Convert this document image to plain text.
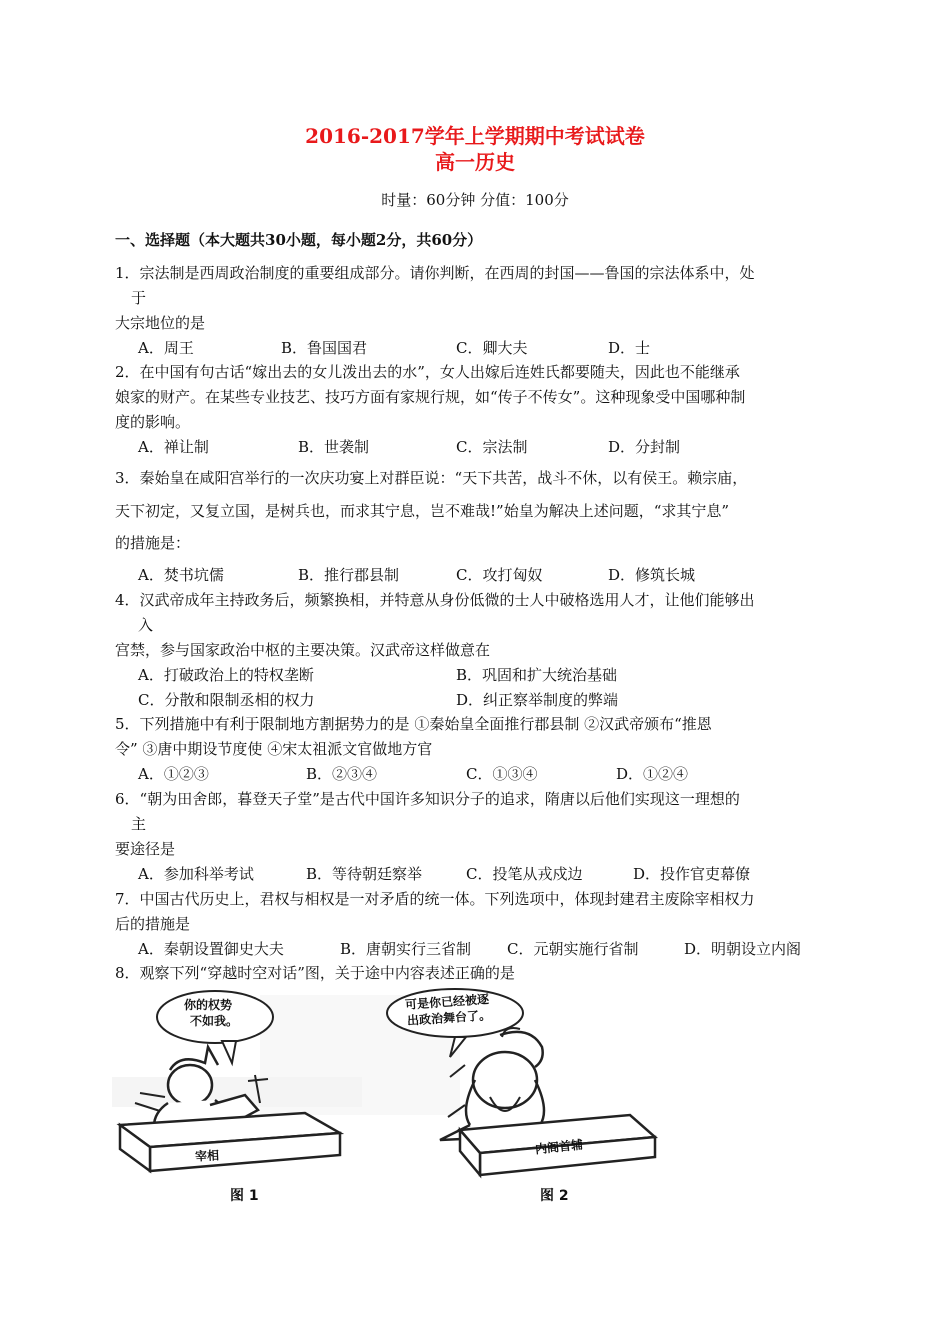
2016-2017学年上学期期中考试试卷
高一历史
时量：60分钟 分值：100分
一、选择题（本大题共30小题，每小题2分，共60分）
1．宗法制是西周政治制度的重要组成部分。请你判断，在西周的封国——鲁国的宗法体系中，处
于
大宗地位的是
A．周王	B．鲁国国君	C．卿大夫	D．士
2．在中国有句古话“嫁出去的女儿泼出去的水”，女人出嫁后连姓氏都要随夫，因此也不能继承
娘家的财产。在某些专业技艺、技巧方面有家规行规，如“传子不传女”。这种现象受中国哪种制
度的影响。
A．禅让制	B．世袭制	C．宗法制	D．分封制
3．秦始皇在咸阳宫举行的一次庆功宴上对群臣说：“天下共苦，战斗不休，以有侯王。赖宗庙，
天下初定，又复立国，是树兵也，而求其宁息，岂不难哉!”始皇为解决上述问题，“求其宁息”
的措施是：
A．焚书坑儒	B．推行郡县制	C．攻打匈奴	D．修筑长城
4．汉武帝成年主持政务后，频繁换相，并特意从身份低微的士人中破格选用人才，让他们能够出
入
宫禁，参与国家政治中枢的主要决策。汉武帝这样做意在
A．打破政治上的特权垄断	B．巩固和扩大统治基础
C．分散和限制丞相的权力	D．纠正察举制度的弊端
5．下列措施中有利于限制地方割据势力的是 ①秦始皇全面推行郡县制 ②汉武帝颁布“推恩
令” ③唐中期设节度使 ④宋太祖派文官做地方官
A．①②③	B．②③④	C．①③④	D．①②④
6．“朝为田舍郎，暮登天子堂”是古代中国许多知识分子的追求，隋唐以后他们实现这一理想的
主
要途径是
A．参加科举考试	B．等待朝廷察举	C．投笔从戎戍边	D．投作官吏幕僚
7．中国古代历史上，君权与相权是一对矛盾的统一体。下列选项中，体现封建君主废除宰相权力
后的措施是
A．秦朝设置御史大夫	B．唐朝实行三省制 C．元朝实施行省制	D．明朝设立内阁
8．观察下列“穿越时空对话”图，关于途中内容表述正确的是
你的权势
不如我。
可是你已经被逐
出政治舞台了。
宰相	内阁首辅
图 1	图 2
